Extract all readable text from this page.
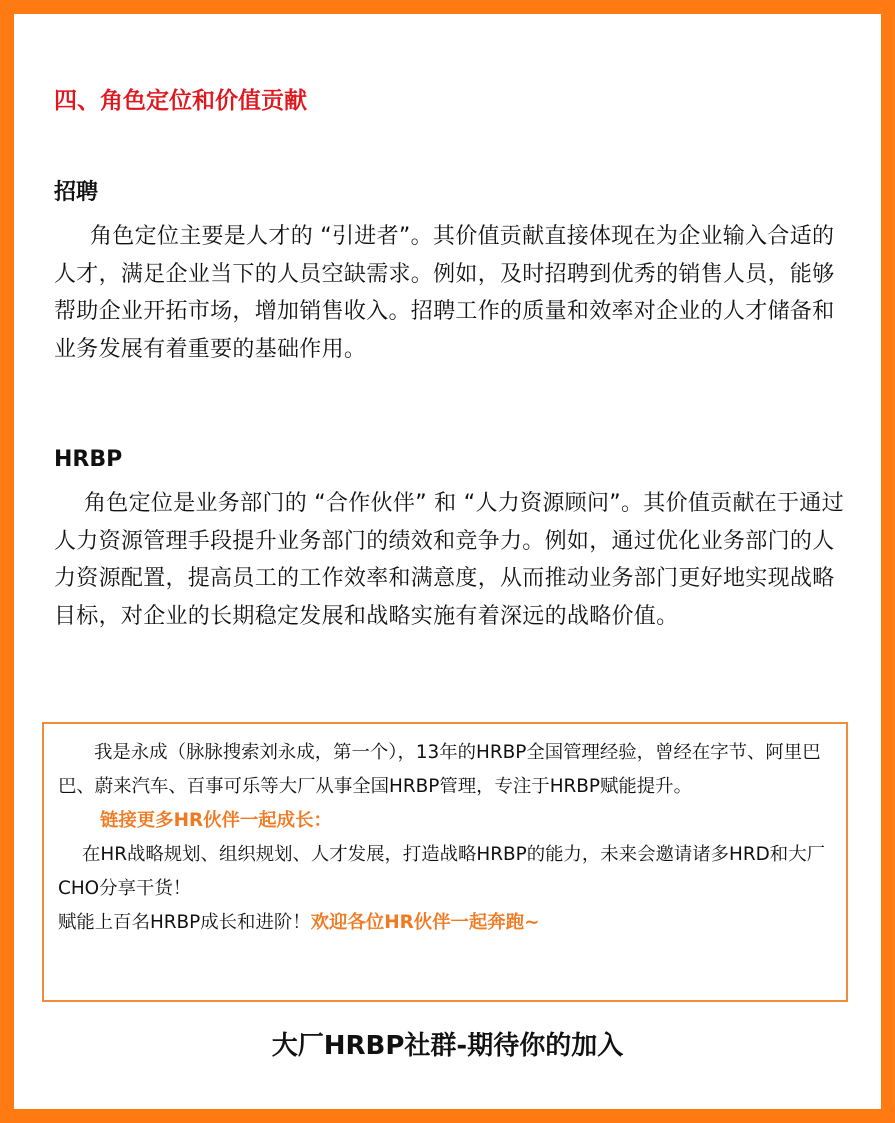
四、角色定位和价值贡献
招聘

角色定位主要是人才的 “引进者”。其价值贡献直接体现在为企业输入合适的人才，满足企业当下的人员空缺需求。例如，及时招聘到优秀的销售人员，能够帮助企业开拓市场，增加销售收入。招聘工作的质量和效率对企业的人才储备和业务发展有着重要的基础作用。

HRBP

角色定位是业务部门的 “合作伙伴” 和 “人力资源顾问”。其价值贡献在于通过人力资源管理手段提升业务部门的绩效和竞争力。例如，通过优化业务部门的人力资源配置，提高员工的工作效率和满意度，从而推动业务部门更好地实现战略目标，对企业的长期稳定发展和战略实施有着深远的战略价值。

我是永成（脉脉搜索刘永成，第一个），13年的HRBP全国管理经验，曾经在字节、阿里巴巴、蔚来汽车、百事可乐等大厂从事全国HRBP管理，专注于HRBP赋能提升。

链接更多HR伙伴一起成长：

在HR战略规划、组织规划、人才发展，打造战略HRBP的能力，未来会邀请诸多HRD和大厂CHO分享干货！

赋能上百名HRBP成长和进阶！欢迎各位HR伙伴一起奔跑~

大厂HRBP社群-期待你的加入
